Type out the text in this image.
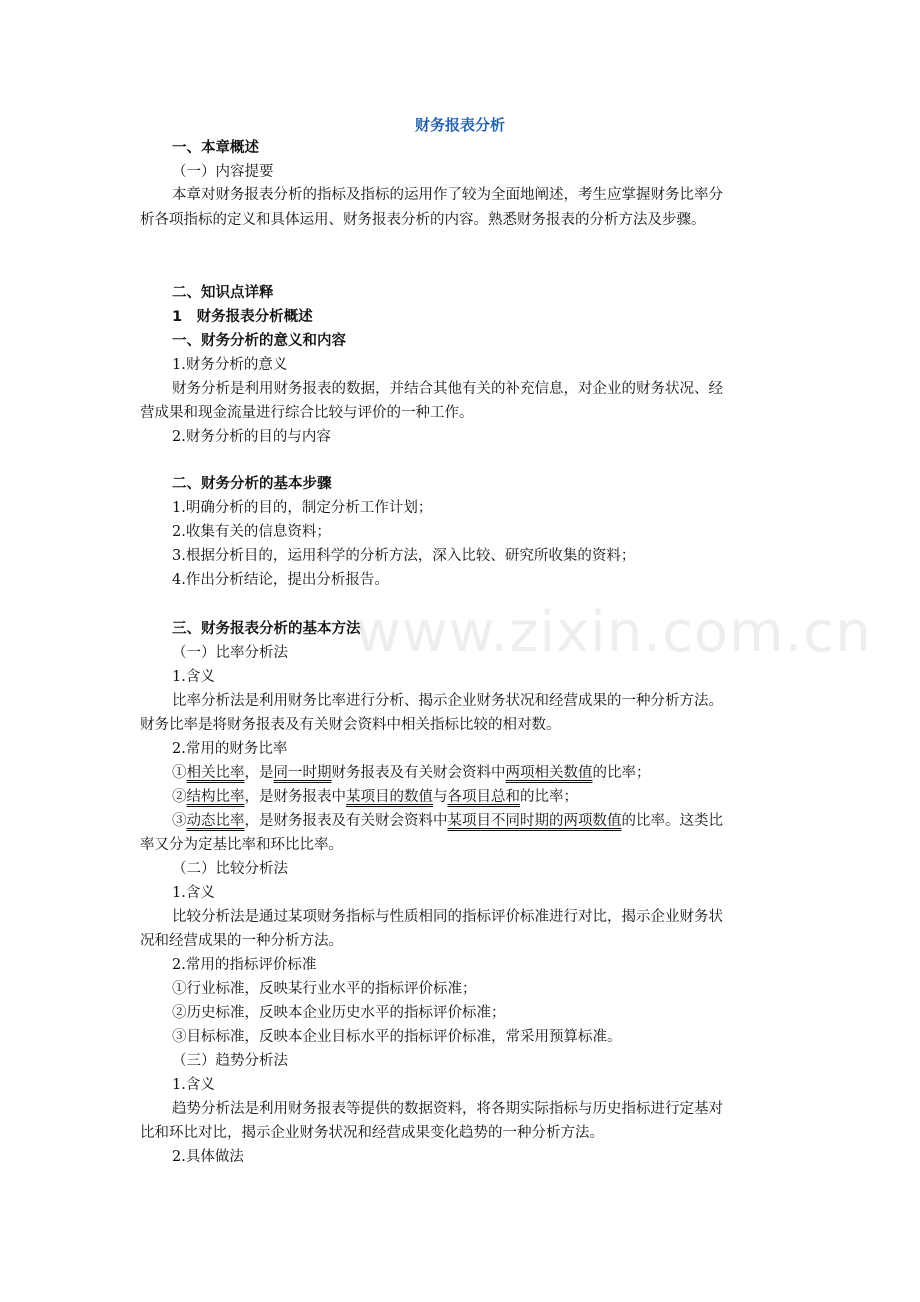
www.zixin.com.cn
财务报表分析
一、本章概述
（一）内容提要
本章对财务报表分析的指标及指标的运用作了较为全面地阐述，考生应掌握财务比率分
析各项指标的定义和具体运用、财务报表分析的内容。熟悉财务报表的分析方法及步骤。
二、知识点详释
1　财务报表分析概述
一、财务分析的意义和内容
1.财务分析的意义
财务分析是利用财务报表的数据，并结合其他有关的补充信息，对企业的财务状况、经
营成果和现金流量进行综合比较与评价的一种工作。
2.财务分析的目的与内容
二、财务分析的基本步骤
1.明确分析的目的，制定分析工作计划；
2.收集有关的信息资料；
3.根据分析目的，运用科学的分析方法，深入比较、研究所收集的资料；
4.作出分析结论，提出分析报告。
三、财务报表分析的基本方法
（一）比率分析法
1.含义
比率分析法是利用财务比率进行分析、揭示企业财务状况和经营成果的一种分析方法。
财务比率是将财务报表及有关财会资料中相关指标比较的相对数。
2.常用的财务比率
①相关比率，是同一时期财务报表及有关财会资料中两项相关数值的比率；
②结构比率，是财务报表中某项目的数值与各项目总和的比率；
③动态比率，是财务报表及有关财会资料中某项目不同时期的两项数值的比率。这类比
率又分为定基比率和环比比率。
（二）比较分析法
1.含义
比较分析法是通过某项财务指标与性质相同的指标评价标准进行对比，揭示企业财务状
况和经营成果的一种分析方法。
2.常用的指标评价标准
①行业标准，反映某行业水平的指标评价标准；
②历史标准，反映本企业历史水平的指标评价标准；
③目标标准，反映本企业目标水平的指标评价标准，常采用预算标准。
（三）趋势分析法
1.含义
趋势分析法是利用财务报表等提供的数据资料，将各期实际指标与历史指标进行定基对
比和环比对比，揭示企业财务状况和经营成果变化趋势的一种分析方法。
2.具体做法
